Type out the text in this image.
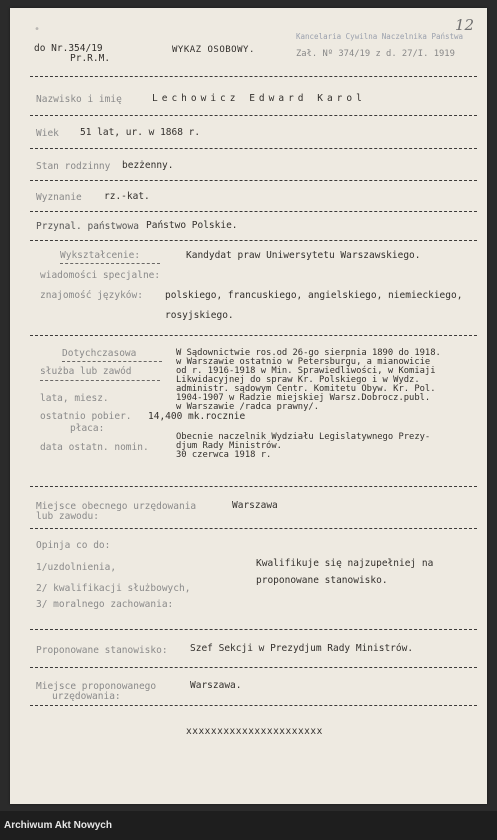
•
do Nr.354/19
Pr.R.M.
WYKAZ OSOBOWY.
Kancelaria Cywilna Naczelnika Państwa
Zał. Nº 374/19 z d. 27/I. 1919
12
Nazwisko i imię	Lechowicz Edward Karol
Wiek 51 lat, ur. w 1868 r.
Stan rodzinny bezżenny.
Wyznanie rz.-kat.
Przynal. państwowa Państwo Polskie.
Wykształcenie:	Kandydat praw Uniwersytetu Warszawskiego.
wiadomości specjalne:
znajomość języków: polskiego, francuskiego, angielskiego, niemieckiego,
rosyjskiego.
Dotychczasowa
służba lub zawód
lata, miesz.
ostatnio pobier. 14,400 mk.rocznie
płaca:
data ostatn. nomin.
W Sądownictwie ros.od 26-go sierpnia 1890 do 1918.
w Warszawie ostatnio w Petersburgu, a mianowicie
od r. 1916-1918 w Min. Sprawiedliwości, w Komiaji
Likwidacyjnej do spraw Kr. Polskiego i w Wydz.
administr. sądowym Centr. Komitetu Obyw. Kr. Pol.
1904-1907 w Radzie miejskiej Warsz.Dobrocz.publ.
w Warszawie /radca prawny/.
Obecnie naczelnik Wydziału Legislatywnego Prezy-
djum Rady Ministrów.
30 czerwca 1918 r.
Miejsce obecnego urzędowania
lub zawodu:
Warszawa
Opinja co do:
1/uzdolnienia,
2/ kwalifikacji służbowych,
3/ moralnego zachowania:
Kwalifikuje się najzupełniej na
proponowane stanowisko.
Proponowane stanowisko: Szef Sekcji w Prezydjum Rady Ministrów.
Miejsce proponowanego
urzędowania:
Warszawa.
xxxxxxxxxxxxxxxxxxxxxx
Archiwum Akt Nowych
